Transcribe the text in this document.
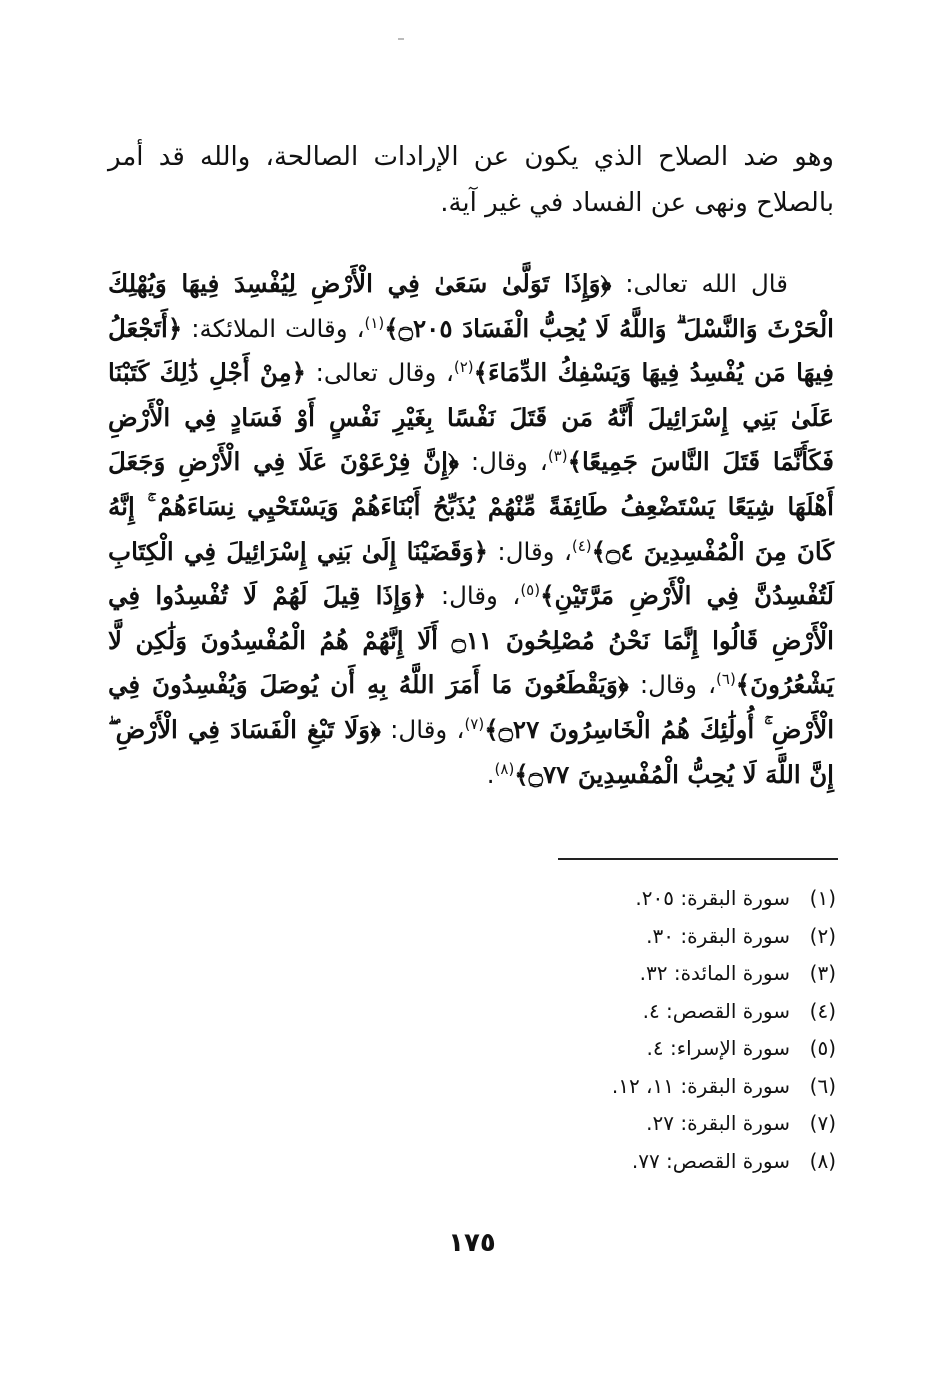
وهو ضد الصلاح الذي يكون عن الإرادات الصالحة، والله قد أمر بالصلاح ونهى عن الفساد في غير آية.

قال الله تعالى: ﴿وَإِذَا تَوَلَّىٰ سَعَىٰ فِي الْأَرْضِ لِيُفْسِدَ فِيهَا وَيُهْلِكَ الْحَرْثَ وَالنَّسْلَ ۗ وَاللَّهُ لَا يُحِبُّ الْفَسَادَ ۝٢٠٥﴾$^{(١)}$، وقالت الملائكة: ﴿أَتَجْعَلُ فِيهَا مَن يُفْسِدُ فِيهَا وَيَسْفِكُ الدِّمَاءَ﴾$^{(٢)}$، وقال تعالى: ﴿مِنْ أَجْلِ ذَٰلِكَ كَتَبْنَا عَلَىٰ بَنِي إِسْرَائِيلَ أَنَّهُ مَن قَتَلَ نَفْسًا بِغَيْرِ نَفْسٍ أَوْ فَسَادٍ فِي الْأَرْضِ فَكَأَنَّمَا قَتَلَ النَّاسَ جَمِيعًا﴾$^{(٣)}$، وقال: ﴿إِنَّ فِرْعَوْنَ عَلَا فِي الْأَرْضِ وَجَعَلَ أَهْلَهَا شِيَعًا يَسْتَضْعِفُ طَائِفَةً مِّنْهُمْ يُذَبِّحُ أَبْنَاءَهُمْ وَيَسْتَحْيِي نِسَاءَهُمْ ۚ إِنَّهُ كَانَ مِنَ الْمُفْسِدِينَ ۝٤﴾$^{(٤)}$، وقال: ﴿وَقَضَيْنَا إِلَىٰ بَنِي إِسْرَائِيلَ فِي الْكِتَابِ لَتُفْسِدُنَّ فِي الْأَرْضِ مَرَّتَيْنِ﴾$^{(٥)}$، وقال: ﴿وَإِذَا قِيلَ لَهُمْ لَا تُفْسِدُوا فِي الْأَرْضِ قَالُوا إِنَّمَا نَحْنُ مُصْلِحُونَ ۝١١ أَلَا إِنَّهُمْ هُمُ الْمُفْسِدُونَ وَلَٰكِن لَّا يَشْعُرُونَ﴾$^{(٦)}$، وقال: ﴿وَيَقْطَعُونَ مَا أَمَرَ اللَّهُ بِهِ أَن يُوصَلَ وَيُفْسِدُونَ فِي الْأَرْضِ ۚ أُولَٰئِكَ هُمُ الْخَاسِرُونَ ۝٢٧﴾$^{(٧)}$، وقال: ﴿وَلَا تَبْغِ الْفَسَادَ فِي الْأَرْضِ ۖ إِنَّ اللَّهَ لَا يُحِبُّ الْمُفْسِدِينَ ۝٧٧﴾$^{(٨)}$.

(١)سورة البقرة: ٢٠٥.
(٢)سورة البقرة: ٣٠.
(٣)سورة المائدة: ٣٢.
(٤)سورة القصص: ٤.
(٥)سورة الإسراء: ٤.
(٦)سورة البقرة: ١١، ١٢.
(٧)سورة البقرة: ٢٧.
(٨)سورة القصص: ٧٧.
١٧٥
